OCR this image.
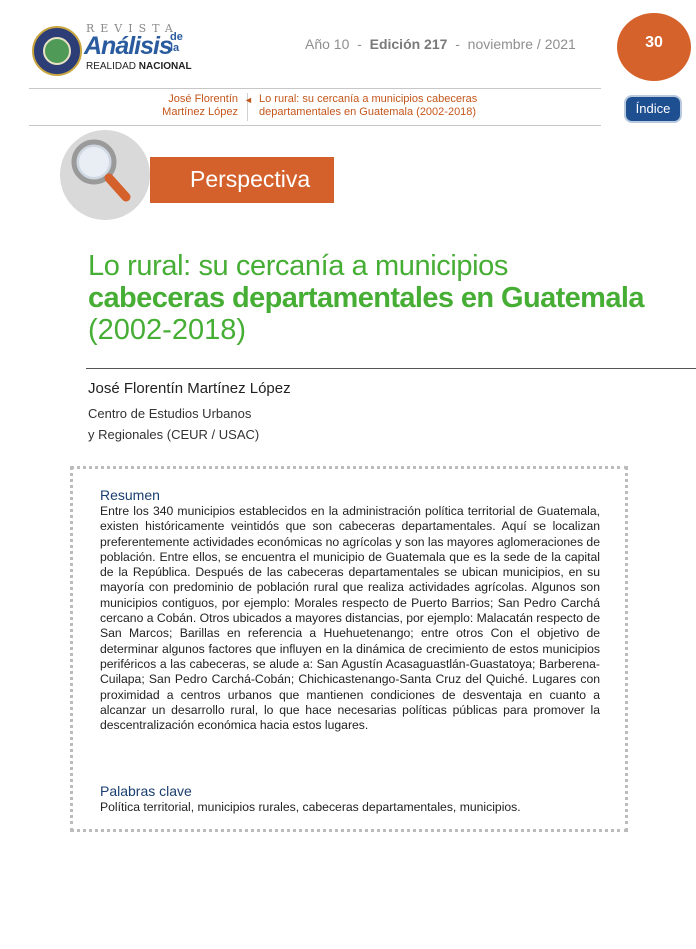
REVISTA
Análisis
de la
REALIDAD NACIONAL
Año 10 - Edición 217 - noviembre / 2021	30
José Florentín
Martínez López
◄ Lo rural: su cercanía a municipios cabeceras
departamentales en Guatemala (2002-2018)	Índice
Perspectiva
Lo rural: su cercanía a municipios
cabeceras departamentales en Guatemala
(2002-2018)
José Florentín Martínez López
Centro de Estudios Urbanos
y Regionales (CEUR / USAC)
Resumen
Entre los 340 municipios establecidos en la administración política territorial de Guatemala, existen históricamente veintidós que son cabeceras departamentales. Aquí se localizan preferentemente actividades económicas no agrícolas y son las mayores aglomeraciones de población. Entre ellos, se encuentra el municipio de Guatemala que es la sede de la capital de la República. Después de las cabeceras departamentales se ubican municipios, en su mayoría con predominio de población rural que realiza actividades agrícolas. Algunos son municipios contiguos, por ejemplo: Morales respecto de Puerto Barrios; San Pedro Carchá cercano a Cobán. Otros ubicados a mayores distancias, por ejemplo: Malacatán respecto de San Marcos; Barillas en referencia a Huehuetenango; entre otros Con el objetivo de determinar algunos factores que influyen en la dinámica de crecimiento de estos municipios periféricos a las cabeceras, se alude a: San Agustín Acasaguastlán-Guastatoya; Barberena-Cuilapa; San Pedro Carchá-Cobán; Chichicastenango-Santa Cruz del Quiché. Lugares con proximidad a centros urbanos que mantienen condiciones de desventaja en cuanto a alcanzar un desarrollo rural, lo que hace necesarias políticas públicas para promover la descentralización económica hacia estos lugares.
Palabras clave
Política territorial, municipios rurales, cabeceras departamentales, municipios.
